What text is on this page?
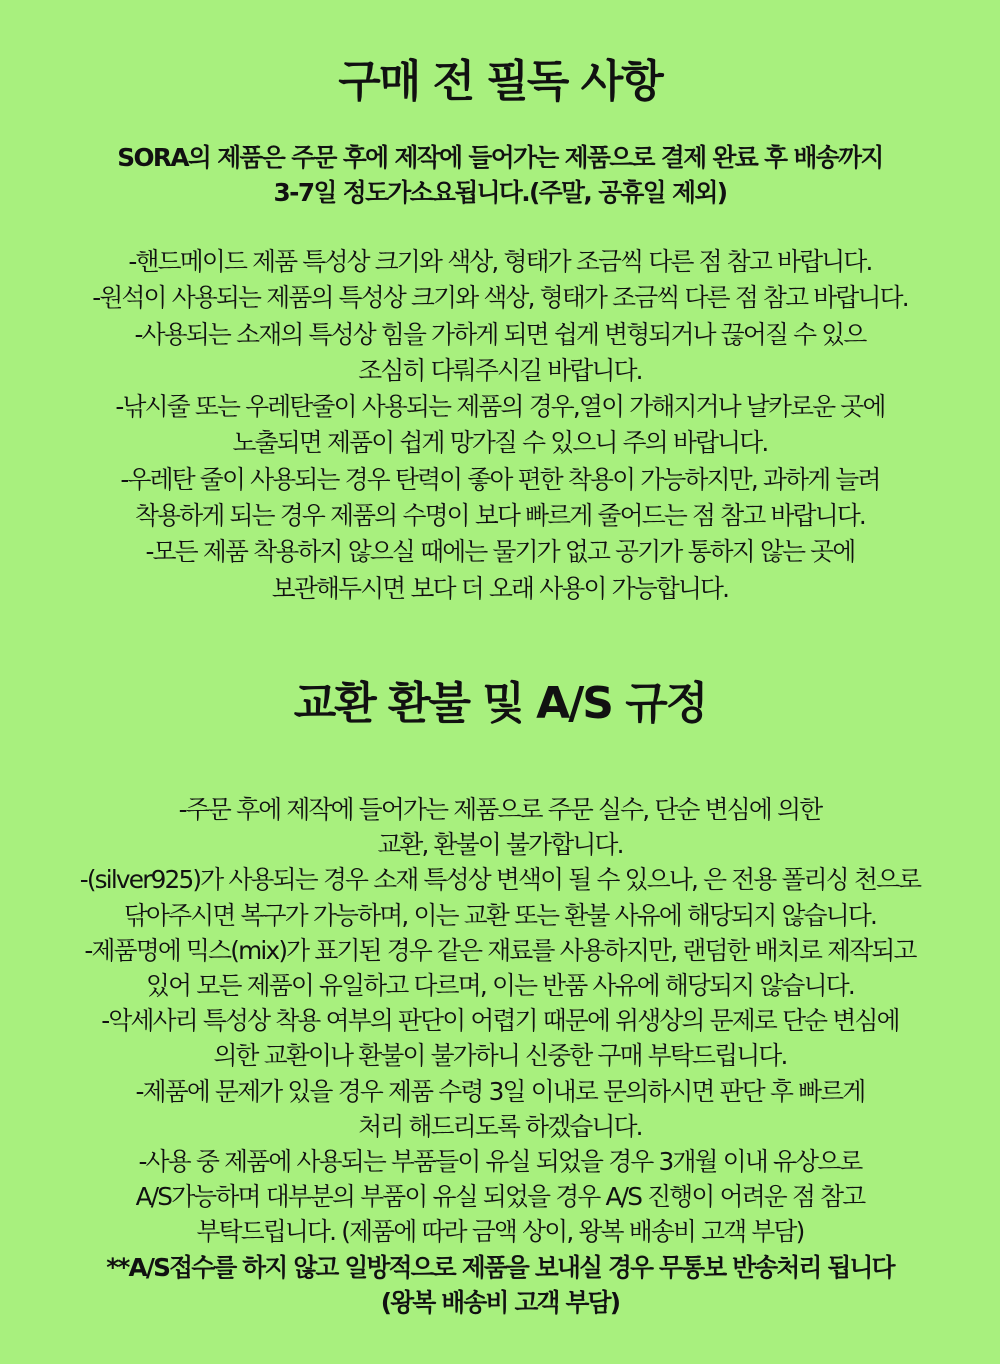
구매 전 필독 사항
SORA의 제품은 주문 후에 제작에 들어가는 제품으로 결제 완료 후 배송까지
3-7일 정도가소요됩니다.(주말, 공휴일 제외)
-핸드메이드 제품 특성상 크기와 색상, 형태가 조금씩 다른 점 참고 바랍니다.
-원석이 사용되는 제품의 특성상 크기와 색상, 형태가 조금씩 다른 점 참고 바랍니다.
-사용되는 소재의 특성상 힘을 가하게 되면 쉽게 변형되거나 끊어질 수 있으
조심히 다뤄주시길 바랍니다.
-낚시줄 또는 우레탄줄이 사용되는 제품의 경우,열이 가해지거나 날카로운 곳에
노출되면 제품이 쉽게 망가질 수 있으니 주의 바랍니다.
-우레탄 줄이 사용되는 경우 탄력이 좋아 편한 착용이 가능하지만, 과하게 늘려
착용하게 되는 경우 제품의 수명이 보다 빠르게 줄어드는 점 참고 바랍니다.
-모든 제품 착용하지 않으실 때에는 물기가 없고 공기가 통하지 않는 곳에
보관해두시면 보다 더 오래 사용이 가능합니다.
교환 환불 및 A/S 규정
-주문 후에 제작에 들어가는 제품으로 주문 실수, 단순 변심에 의한
교환, 환불이 불가합니다.
-(silver925)가 사용되는 경우 소재 특성상 변색이 될 수 있으나, 은 전용 폴리싱 천으로
닦아주시면 복구가 가능하며, 이는 교환 또는 환불 사유에 해당되지 않습니다.
-제품명에 믹스(mix)가 표기된 경우 같은 재료를 사용하지만, 랜덤한 배치로 제작되고
있어 모든 제품이 유일하고 다르며, 이는 반품 사유에 해당되지 않습니다.
-악세사리 특성상 착용 여부의 판단이 어렵기 때문에 위생상의 문제로 단순 변심에
의한 교환이나 환불이 불가하니 신중한 구매 부탁드립니다.
-제품에 문제가 있을 경우 제품 수령 3일 이내로 문의하시면 판단 후 빠르게
처리 해드리도록 하겠습니다.
-사용 중 제품에 사용되는 부품들이 유실 되었을 경우 3개월 이내 유상으로
A/S가능하며 대부분의 부품이 유실 되었을 경우 A/S 진행이 어려운 점 참고
부탁드립니다. (제품에 따라 금액 상이, 왕복 배송비 고객 부담)
**A/S접수를 하지 않고 일방적으로 제품을 보내실 경우 무통보 반송처리 됩니다
(왕복 배송비 고객 부담)
